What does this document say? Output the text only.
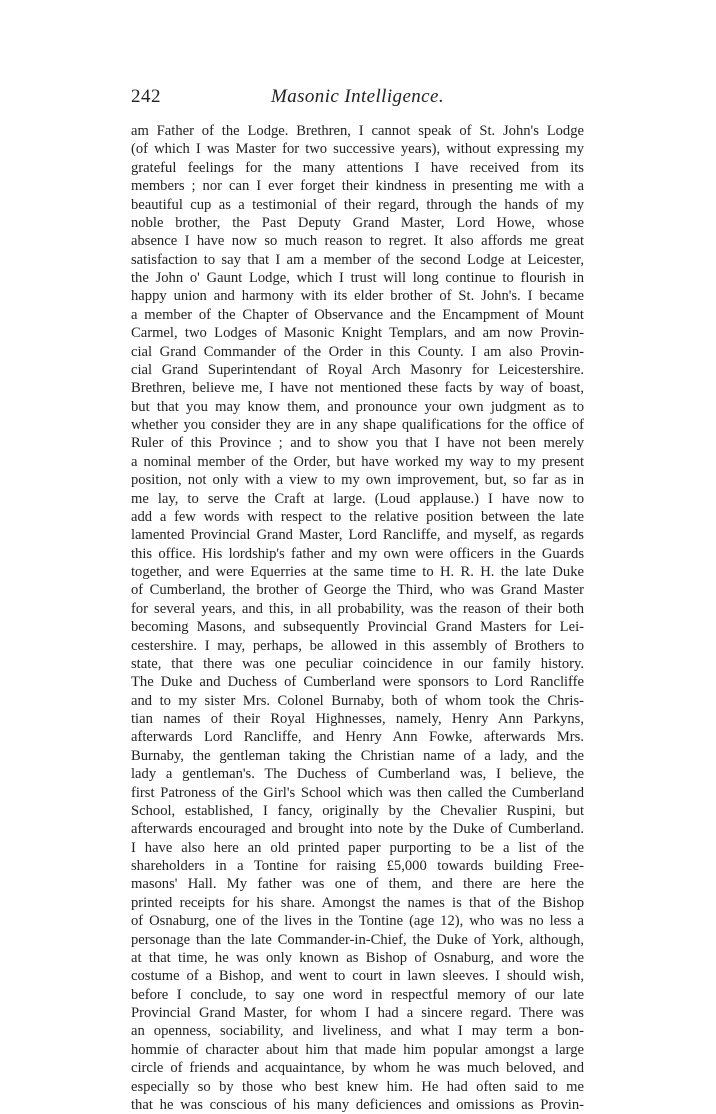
242	Masonic Intelligence.
am Father of the Lodge. Brethren, I cannot speak of St. John's Lodge
(of which I was Master for two successive years), without expressing my
grateful feelings for the many attentions I have received from its
members ; nor can I ever forget their kindness in presenting me with a
beautiful cup as a testimonial of their regard, through the hands of my
noble brother, the Past Deputy Grand Master, Lord Howe, whose
absence I have now so much reason to regret. It also affords me great
satisfaction to say that I am a member of the second Lodge at Leicester,
the John o' Gaunt Lodge, which I trust will long continue to flourish in
happy union and harmony with its elder brother of St. John's. I became
a member of the Chapter of Observance and the Encampment of Mount
Carmel, two Lodges of Masonic Knight Templars, and am now Provin-
cial Grand Commander of the Order in this County. I am also Provin-
cial Grand Superintendant of Royal Arch Masonry for Leicestershire.
Brethren, believe me, I have not mentioned these facts by way of boast,
but that you may know them, and pronounce your own judgment as to
whether you consider they are in any shape qualifications for the office of
Ruler of this Province ; and to show you that I have not been merely
a nominal member of the Order, but have worked my way to my present
position, not only with a view to my own improvement, but, so far as in
me lay, to serve the Craft at large. (Loud applause.) I have now to
add a few words with respect to the relative position between the late
lamented Provincial Grand Master, Lord Rancliffe, and myself, as regards
this office. His lordship's father and my own were officers in the Guards
together, and were Equerries at the same time to H. R. H. the late Duke
of Cumberland, the brother of George the Third, who was Grand Master
for several years, and this, in all probability, was the reason of their both
becoming Masons, and subsequently Provincial Grand Masters for Lei-
cestershire. I may, perhaps, be allowed in this assembly of Brothers to
state, that there was one peculiar coincidence in our family history.
The Duke and Duchess of Cumberland were sponsors to Lord Rancliffe
and to my sister Mrs. Colonel Burnaby, both of whom took the Chris-
tian names of their Royal Highnesses, namely, Henry Ann Parkyns,
afterwards Lord Rancliffe, and Henry Ann Fowke, afterwards Mrs.
Burnaby, the gentleman taking the Christian name of a lady, and the
lady a gentleman's. The Duchess of Cumberland was, I believe, the
first Patroness of the Girl's School which was then called the Cumberland
School, established, I fancy, originally by the Chevalier Ruspini, but
afterwards encouraged and brought into note by the Duke of Cumberland.
I have also here an old printed paper purporting to be a list of the
shareholders in a Tontine for raising £5,000 towards building Free-
masons' Hall. My father was one of them, and there are here the
printed receipts for his share. Amongst the names is that of the Bishop
of Osnaburg, one of the lives in the Tontine (age 12), who was no less a
personage than the late Commander-in-Chief, the Duke of York, although,
at that time, he was only known as Bishop of Osnaburg, and wore the
costume of a Bishop, and went to court in lawn sleeves. I should wish,
before I conclude, to say one word in respectful memory of our late
Provincial Grand Master, for whom I had a sincere regard. There was
an openness, sociability, and liveliness, and what I may term a bon-
hommie of character about him that made him popular amongst a large
circle of friends and acquaintance, by whom he was much beloved, and
especially so by those who best knew him. He had often said to me
that he was conscious of his many deficiences and omissions as Provin-
